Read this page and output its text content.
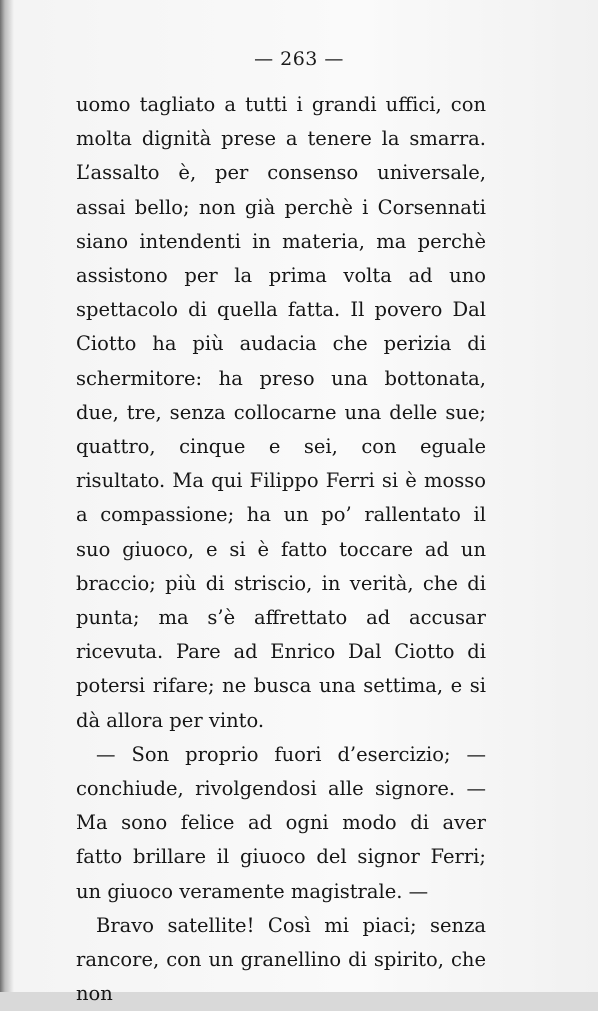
— 263 —

uomo tagliato a tutti i grandi uffici, con molta dignità prese a tenere la smarra. L’assalto è, per consenso universale, assai bello; non già perchè i Corsennati siano intendenti in materia, ma perchè assistono per la prima volta ad uno spettacolo di quella fatta. Il povero Dal Ciotto ha più audacia che perizia di schermitore: ha preso una bottonata, due, tre, senza collocarne una delle sue; quattro, cinque e sei, con eguale risultato. Ma qui Filippo Ferri si è mosso a compassione; ha un po’ rallentato il suo giuoco, e si è fatto toccare ad un braccio; più di striscio, in verità, che di punta; ma s’è affrettato ad accusar ricevuta. Pare ad Enrico Dal Ciotto di potersi rifare; ne busca una settima, e si dà allora per vinto.

— Son proprio fuori d’esercizio; — conchiude, rivolgendosi alle signore. — Ma sono felice ad ogni modo di aver fatto brillare il giuoco del signor Ferri; un giuoco veramente magistrale. —

Bravo satellite! Così mi piaci; senza rancore, con un granellino di spirito, che non
